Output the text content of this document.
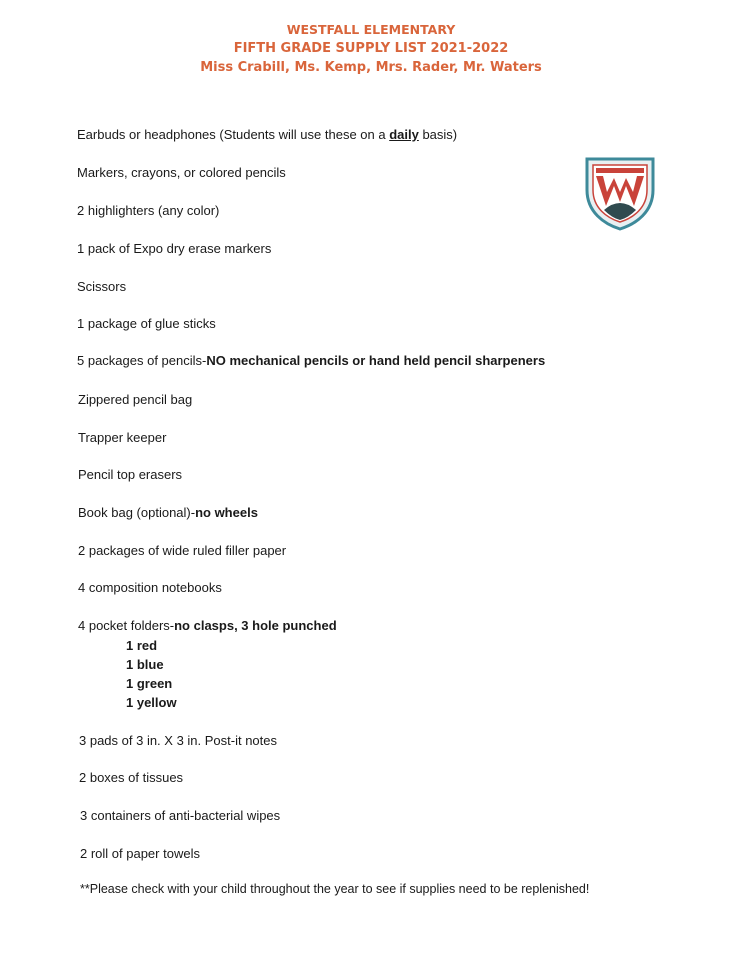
WESTFALL ELEMENTARY
FIFTH GRADE SUPPLY LIST 2021-2022
Miss Crabill, Ms. Kemp, Mrs. Rader, Mr. Waters
Earbuds or headphones (Students will use these on a daily basis)
Markers, crayons, or colored pencils
2 highlighters (any color)
1 pack of Expo dry erase markers
Scissors
1 package of glue sticks
5 packages of pencils-NO mechanical pencils or hand held pencil sharpeners
Zippered pencil bag
Trapper keeper
Pencil top erasers
Book bag (optional)-no wheels
2 packages of wide ruled filler paper
4 composition notebooks
4 pocket folders-no clasps, 3 hole punched
1 red
1 blue
1 green
1 yellow
3 pads of 3 in. X 3 in. Post-it notes
2 boxes of tissues
3 containers of anti-bacterial wipes
2 roll of paper towels
**Please check with your child throughout the year to see if supplies need to be replenished!
